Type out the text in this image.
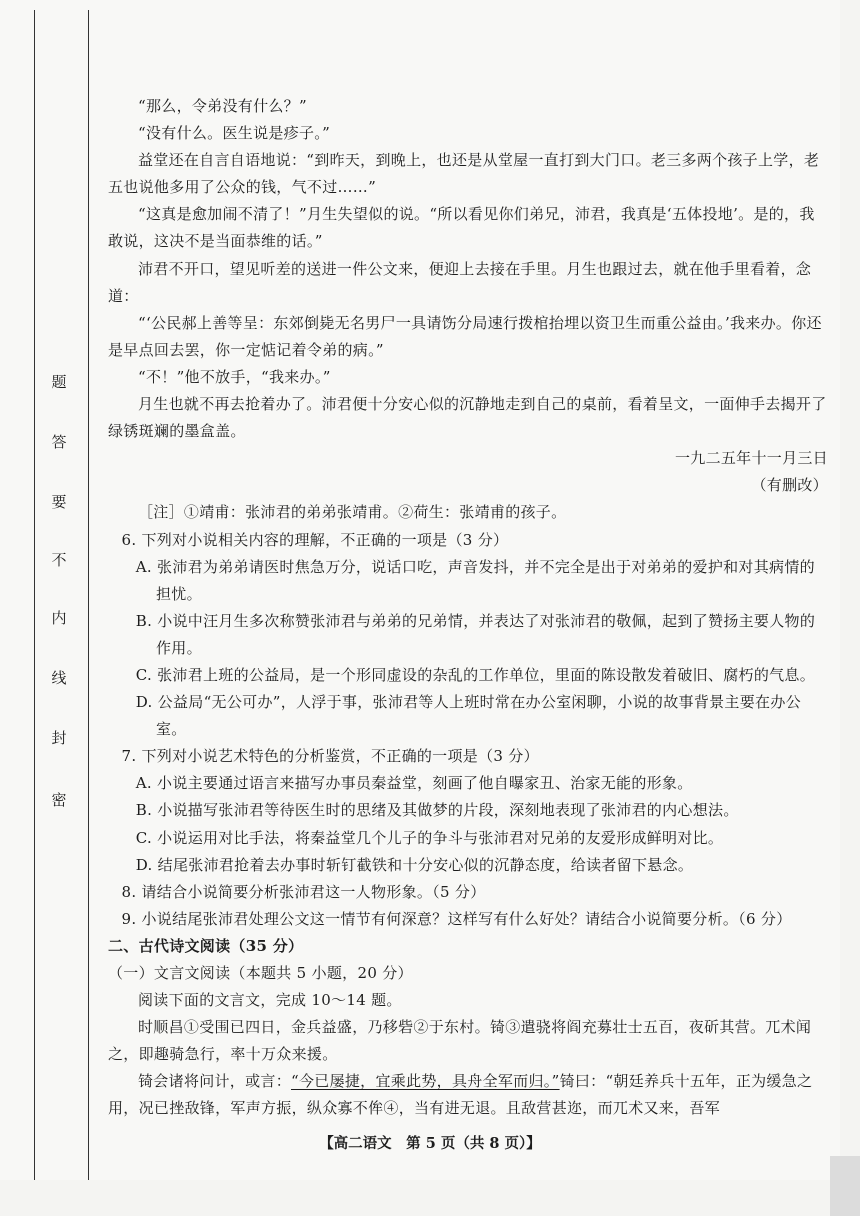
密
封
线
内
不
要
答
题

“那么，令弟没有什么？”

“没有什么。医生说是疹子。”

益堂还在自言自语地说：“到昨天，到晚上，也还是从堂屋一直打到大门口。老三多两个孩子上学，老五也说他多用了公众的钱，气不过……”

“这真是愈加闹不清了！”月生失望似的说。“所以看见你们弟兄，沛君，我真是‘五体投地’。是的，我敢说，这决不是当面恭维的话。”

沛君不开口，望见听差的送进一件公文来，便迎上去接在手里。月生也跟过去，就在他手里看着，念道：

“‘公民郝上善等呈：东郊倒毙无名男尸一具请饬分局速行拨棺抬埋以资卫生而重公益由。’我来办。你还是早点回去罢，你一定惦记着令弟的病。”

“不！”他不放手，“我来办。”

月生也就不再去抢着办了。沛君便十分安心似的沉静地走到自己的桌前，看着呈文，一面伸手去揭开了绿锈斑斓的墨盒盖。

一九二五年十一月三日

（有删改）

［注］①靖甫：张沛君的弟弟张靖甫。②荷生：张靖甫的孩子。

6. 下列对小说相关内容的理解，不正确的一项是（3 分）

A. 张沛君为弟弟请医时焦急万分，说话口吃，声音发抖，并不完全是出于对弟弟的爱护和对其病情的担忧。

B. 小说中汪月生多次称赞张沛君与弟弟的兄弟情，并表达了对张沛君的敬佩，起到了赞扬主要人物的作用。

C. 张沛君上班的公益局，是一个形同虚设的杂乱的工作单位，里面的陈设散发着破旧、腐朽的气息。

D. 公益局“无公可办”，人浮于事，张沛君等人上班时常在办公室闲聊，小说的故事背景主要在办公室。

7. 下列对小说艺术特色的分析鉴赏，不正确的一项是（3 分）

A. 小说主要通过语言来描写办事员秦益堂，刻画了他自曝家丑、治家无能的形象。

B. 小说描写张沛君等待医生时的思绪及其做梦的片段，深刻地表现了张沛君的内心想法。

C. 小说运用对比手法，将秦益堂几个儿子的争斗与张沛君对兄弟的友爱形成鲜明对比。

D. 结尾张沛君抢着去办事时斩钉截铁和十分安心似的沉静态度，给读者留下悬念。

8. 请结合小说简要分析张沛君这一人物形象。（5 分）

9. 小说结尾张沛君处理公文这一情节有何深意？这样写有什么好处？请结合小说简要分析。（6 分）

二、古代诗文阅读（35 分）

（一）文言文阅读（本题共 5 小题，20 分）

阅读下面的文言文，完成 10～14 题。

时顺昌①受围已四日，金兵益盛，乃移砦②于东村。锜③遣骁将阎充募壮士五百，夜斫其营。兀术闻之，即趣骑急行，率十万众来援。

锜会诸将问计，或言：“今已屡捷，宜乘此势，具舟全军而归。”锜曰：“朝廷养兵十五年，正为缓急之用，况已挫敌锋，军声方振，纵众寡不侔④，当有进无退。且敌营甚迩，而兀术又来，吾军

【高二语文　第 5 页（共 8 页）】
